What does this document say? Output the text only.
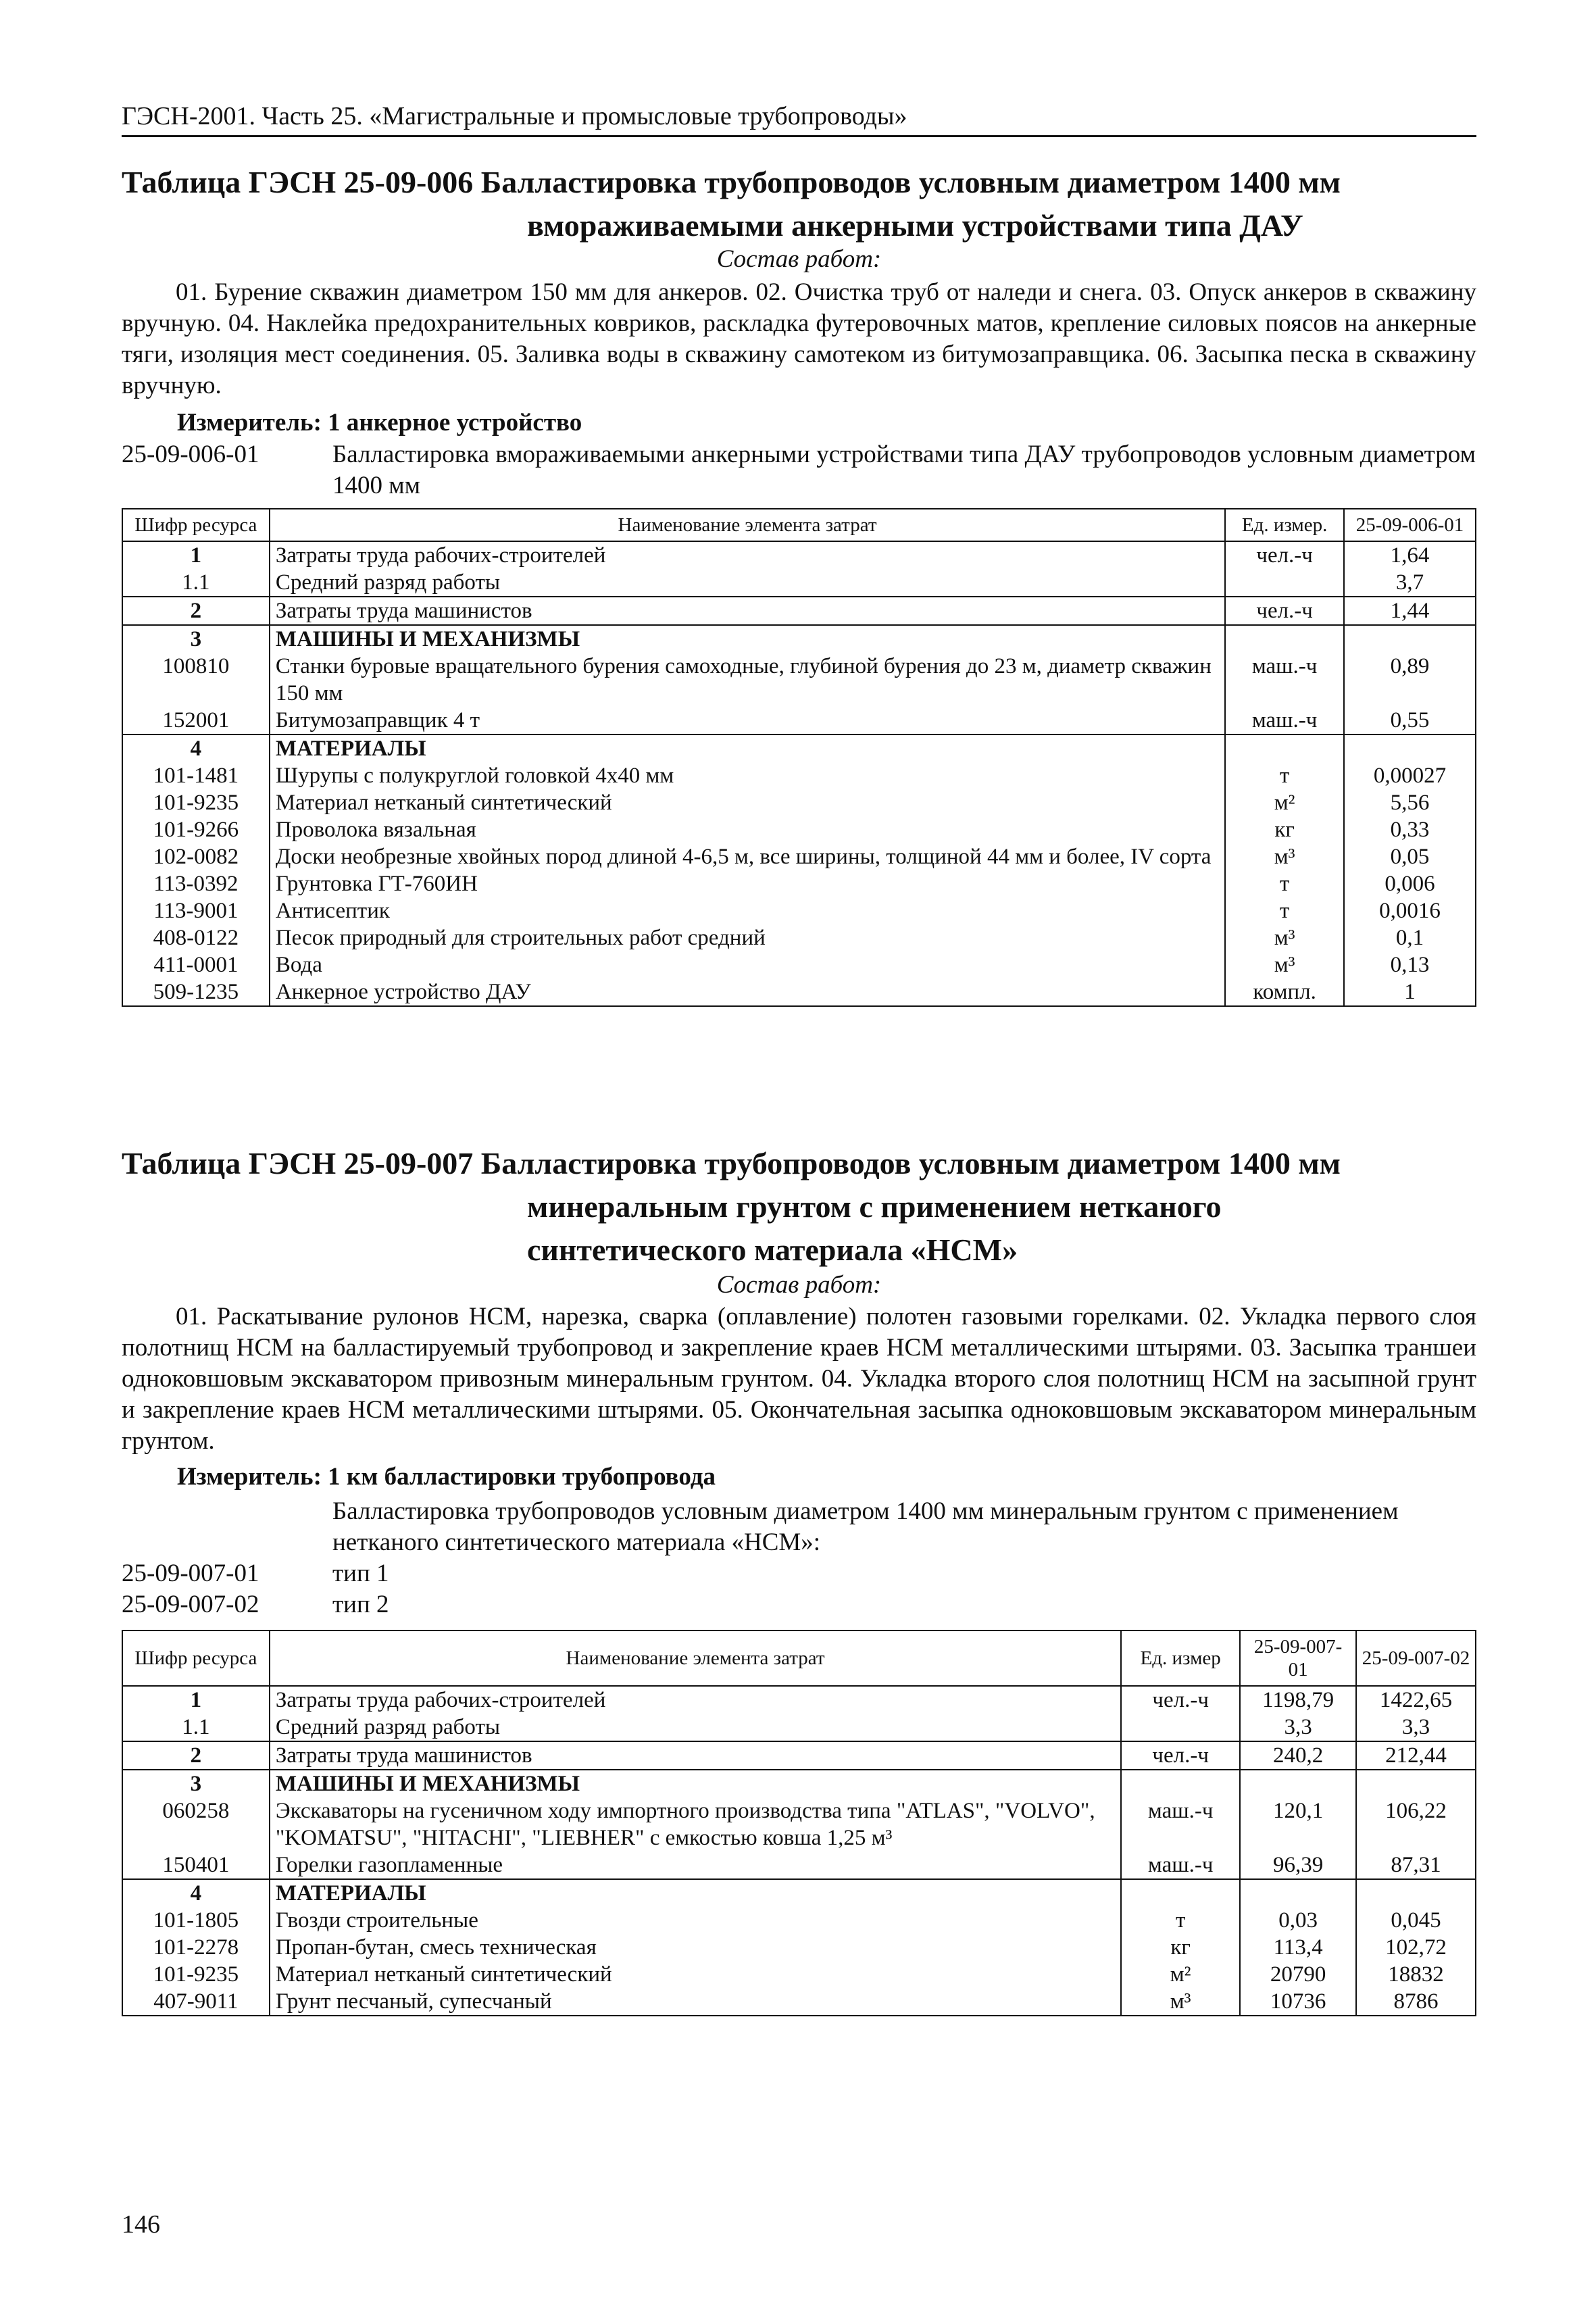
ГЭСН-2001. Часть 25. «Магистральные и промысловые трубопроводы»
Таблица ГЭСН 25-09-006 Балластировка трубопроводов условным диаметром 1400 мм
вмораживаемыми анкерными устройствами типа ДАУ
Состав работ:

01. Бурение скважин диаметром 150 мм для анкеров. 02. Очистка труб от наледи и снега. 03. Опуск анкеров в скважину вручную. 04. Наклейка предохранительных ковриков, раскладка футеровочных матов, крепление силовых поясов на анкерные тяги, изоляция мест соединения. 05. Заливка воды в скважину самотеком из битумозаправщика. 06. Засыпка песка в скважину вручную.

Измеритель: 1 анкерное устройство
25-09-006-01	Балластировка вмораживаемыми анкерными устройствами типа ДАУ трубопроводов условным диаметром 1400 мм
Шифр ресурса	Наименование элемента затрат	Ед. измер.	25-09-006-01
1	Затраты труда рабочих-строителей	чел.-ч	1,64
1.1	Средний разряд работы		3,7
2	Затраты труда машинистов	чел.-ч	1,44
3	МАШИНЫ И МЕХАНИЗМЫ		
100810	Станки буровые вращательного бурения самоходные, глубиной бурения до 23 м, диаметр скважин 150 мм	маш.-ч	0,89
152001	Битумозаправщик 4 т	маш.-ч	0,55
4	МАТЕРИАЛЫ		
101-1481	Шурупы с полукруглой головкой 4х40 мм	т	0,00027
101-9235	Материал нетканый синтетический	м²	5,56
101-9266	Проволока вязальная	кг	0,33
102-0082	Доски необрезные хвойных пород длиной 4-6,5 м, все ширины, толщиной 44 мм и более, IV сорта	м³	0,05
113-0392	Грунтовка ГТ-760ИН	т	0,006
113-9001	Антисептик	т	0,0016
408-0122	Песок природный для строительных работ средний	м³	0,1
411-0001	Вода	м³	0,13
509-1235	Анкерное устройство ДАУ	компл.	1
Таблица ГЭСН 25-09-007 Балластировка трубопроводов условным диаметром 1400 мм
минеральным грунтом с применением нетканого
синтетического материала «НСМ»
Состав работ:

01. Раскатывание рулонов НСМ, нарезка, сварка (оплавление) полотен газовыми горелками. 02. Укладка первого слоя полотнищ НСМ на балластируемый трубопровод и закрепление краев НСМ металлическими штырями. 03. Засыпка траншеи одноковшовым экскаватором привозным минеральным грунтом. 04. Укладка второго слоя полотнищ НСМ на засыпной грунт и закрепление краев НСМ металлическими штырями. 05. Окончательная засыпка одноковшовым экскаватором минеральным грунтом.

Измеритель: 1 км балластировки трубопровода
Балластировка трубопроводов условным диаметром 1400 мм минеральным грунтом с применением нетканого синтетического материала «НСМ»:
25-09-007-01	тип 1
25-09-007-02	тип 2
Шифр ресурса	Наименование элемента затрат	Ед. измер	25-09-007-01	25-09-007-02
1	Затраты труда рабочих-строителей	чел.-ч	1198,79	1422,65
1.1	Средний разряд работы		3,3	3,3
2	Затраты труда машинистов	чел.-ч	240,2	212,44
3	МАШИНЫ И МЕХАНИЗМЫ			
060258	Экскаваторы на гусеничном ходу импортного производства типа "ATLAS", "VOLVO", "KOMATSU", "HITACHI", "LIEBHER" с емкостью ковша 1,25 м³	маш.-ч	120,1	106,22
150401	Горелки газопламенные	маш.-ч	96,39	87,31
4	МАТЕРИАЛЫ			
101-1805	Гвозди строительные	т	0,03	0,045
101-2278	Пропан-бутан, смесь техническая	кг	113,4	102,72
101-9235	Материал нетканый синтетический	м²	20790	18832
407-9011	Грунт песчаный, супесчаный	м³	10736	8786
146
